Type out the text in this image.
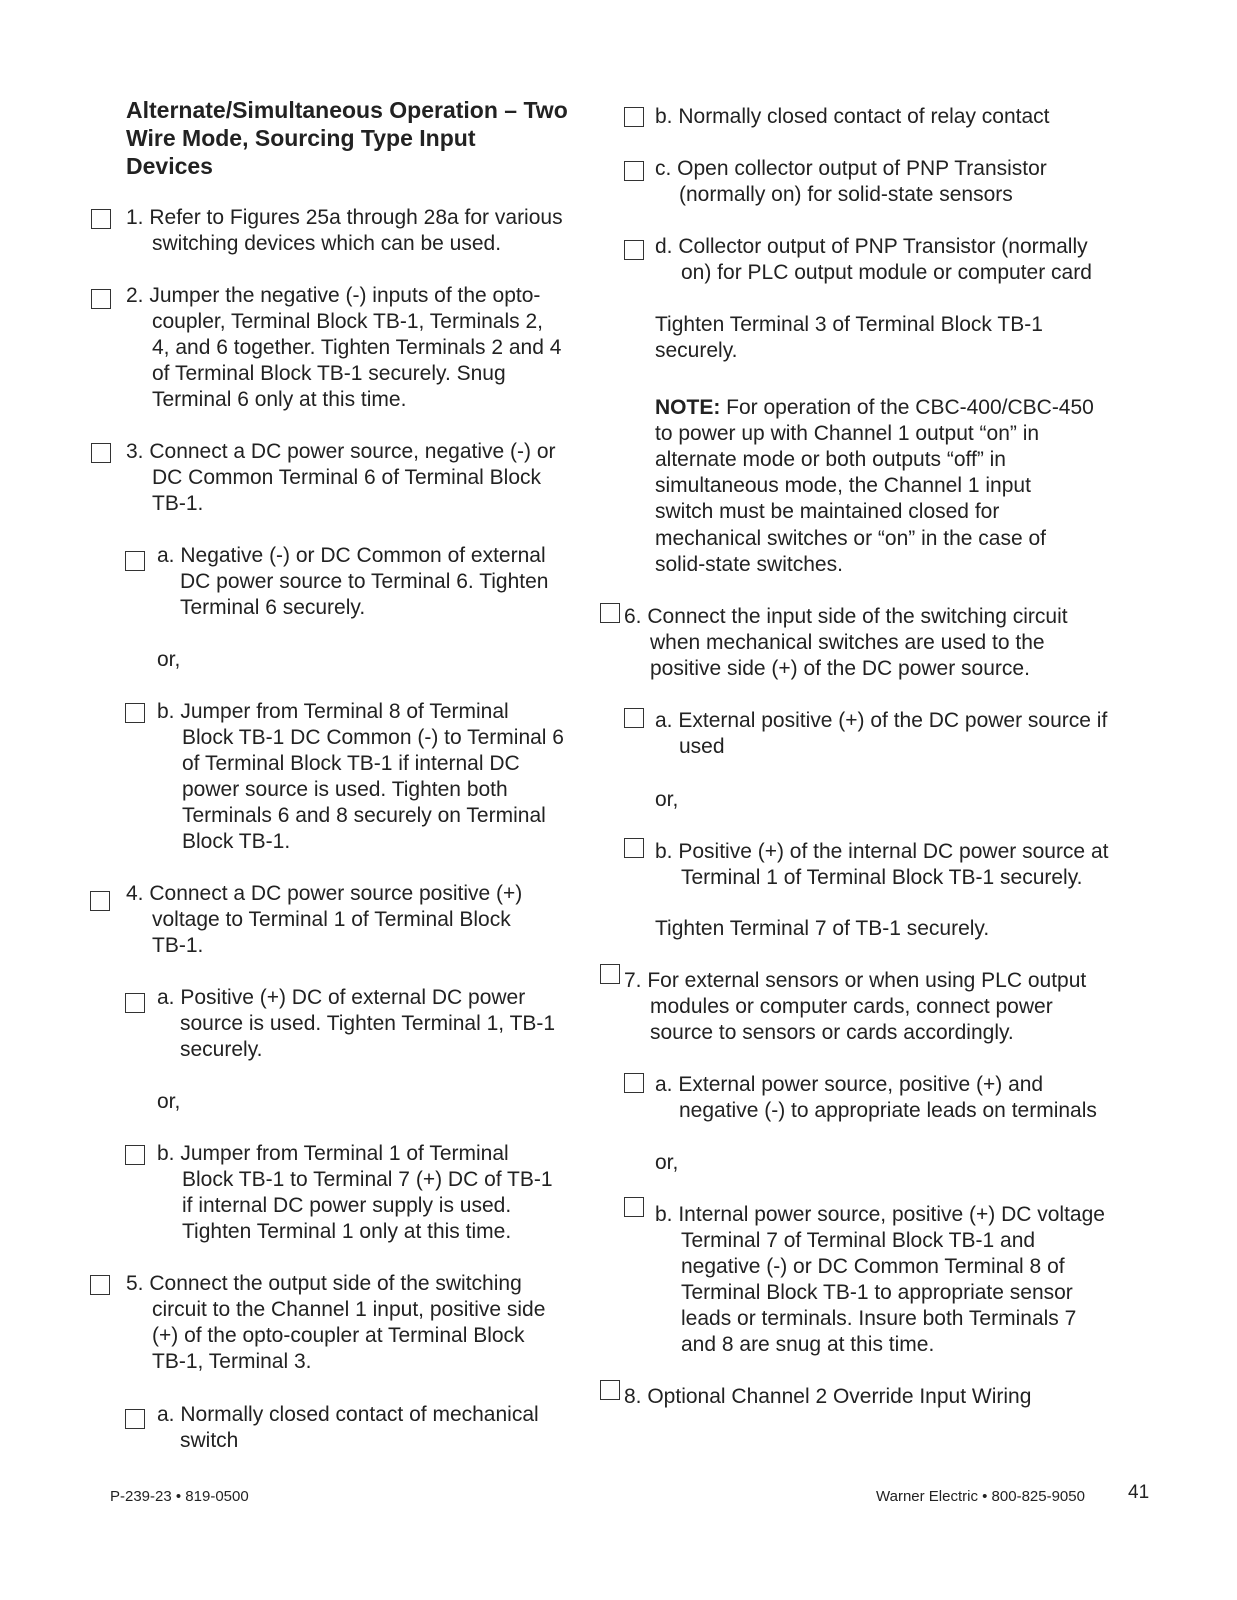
Alternate/Simultaneous Operation – Two
Wire Mode, Sourcing Type Input
Devices
1. Refer to Figures 25a through 28a for various
switching devices which can be used.
2. Jumper the negative (-) inputs of the opto-
coupler, Terminal Block TB-1, Terminals 2,
4, and 6 together. Tighten Terminals 2 and 4
of Terminal Block TB-1 securely. Snug
Terminal 6 only at this time.
3. Connect a DC power source, negative (-) or
DC Common Terminal 6 of Terminal Block
TB-1.
a. Negative (-) or DC Common of external
DC power source to Terminal 6. Tighten
Terminal 6 securely.
or,
b. Jumper from Terminal 8 of Terminal
Block TB-1 DC Common (-) to Terminal 6
of Terminal Block TB-1 if internal DC
power source is used. Tighten both
Terminals 6 and 8 securely on Terminal
Block TB-1.
4. Connect a DC power source positive (+)
voltage to Terminal 1 of Terminal Block
TB-1.
a. Positive (+) DC of external DC power
source is used. Tighten Terminal 1, TB-1
securely.
or,
b. Jumper from Terminal 1 of Terminal
Block TB-1 to Terminal 7 (+) DC of TB-1
if internal DC power supply is used.
Tighten Terminal 1 only at this time.
5. Connect the output side of the switching
circuit to the Channel 1 input, positive side
(+) of the opto-coupler at Terminal Block
TB-1, Terminal 3.
a. Normally closed contact of mechanical
switch
b. Normally closed contact of relay contact
c. Open collector output of PNP Transistor
(normally on) for solid-state sensors
d. Collector output of PNP Transistor (normally
on) for PLC output module or computer card
Tighten Terminal 3 of Terminal Block TB-1
securely.
NOTE: For operation of the CBC-400/CBC-450
to power up with Channel 1 output “on” in
alternate mode or both outputs “off” in
simultaneous mode, the Channel 1 input
switch must be maintained closed for
mechanical switches or “on” in the case of
solid-state switches.
6. Connect the input side of the switching circuit
when mechanical switches are used to the
positive side (+) of the DC power source.
a. External positive (+) of the DC power source if
used
or,
b. Positive (+) of the internal DC power source at
Terminal 1 of Terminal Block TB-1 securely.
Tighten Terminal 7 of TB-1 securely.
7. For external sensors or when using PLC output
modules or computer cards, connect power
source to sensors or cards accordingly.
a. External power source, positive (+) and
negative (-) to appropriate leads on terminals
or,
b. Internal power source, positive (+) DC voltage
Terminal 7 of Terminal Block TB-1 and
negative (-) or DC Common Terminal 8 of
Terminal Block TB-1 to appropriate sensor
leads or terminals. Insure both Terminals 7
and 8 are snug at this time.
8. Optional Channel 2 Override Input Wiring
P-239-23 • 819-0500	Warner Electric • 800-825-9050 41
